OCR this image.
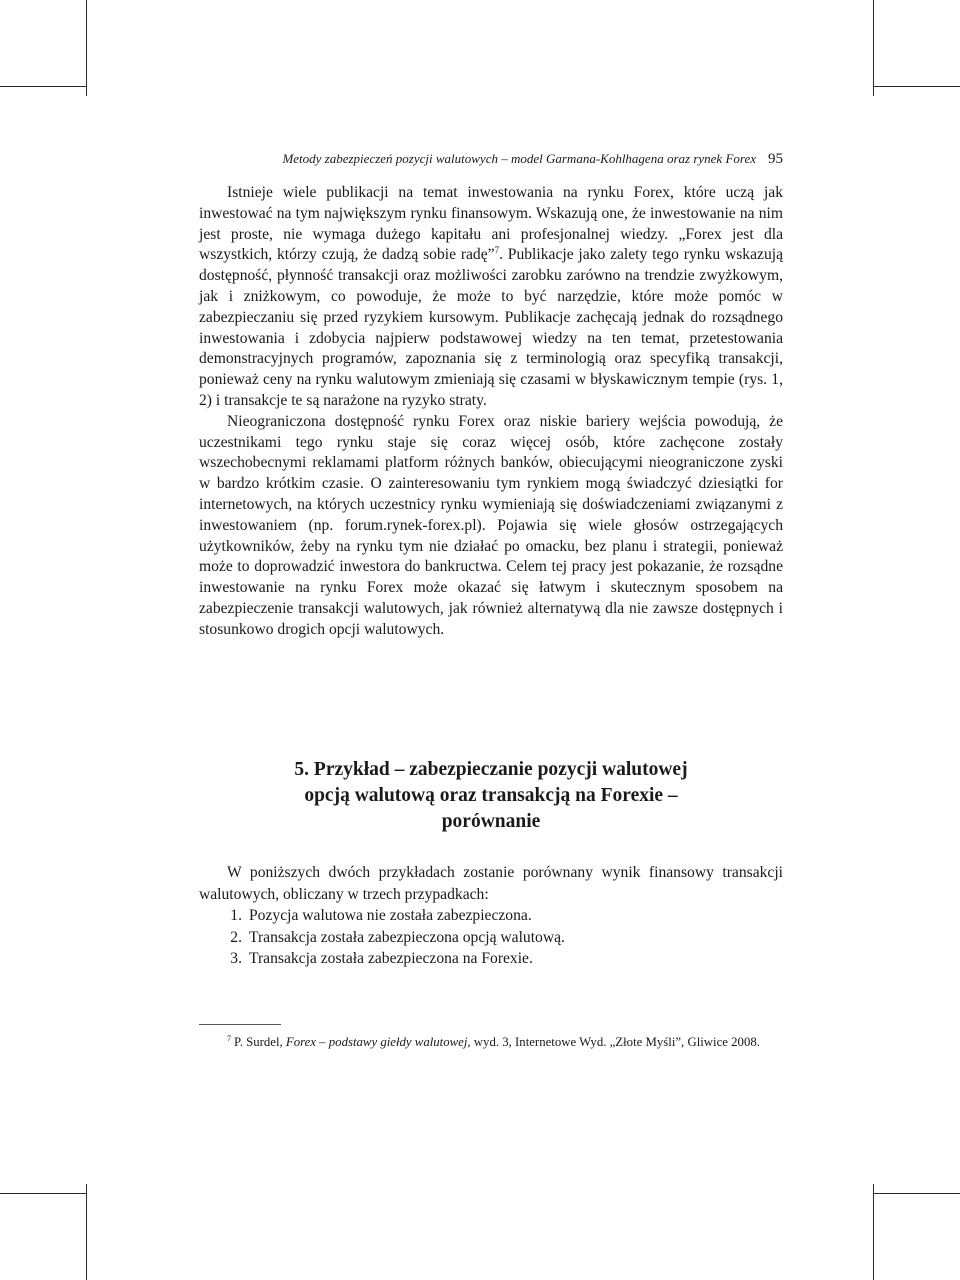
Metody zabezpieczeń pozycji walutowych – model Garmana-Kohlhagena oraz rynek Forex 95

Istnieje wiele publikacji na temat inwestowania na rynku Forex, które uczą jak inwestować na tym największym rynku finansowym. Wskazują one, że inwestowanie na nim jest proste, nie wymaga dużego kapitału ani profesjonalnej wiedzy. „Forex jest dla wszystkich, którzy czują, że dadzą sobie radę”$^7$. Publikacje jako zalety tego rynku wskazują dostępność, płynność transakcji oraz możliwości zarobku zarówno na trendzie zwyżkowym, jak i zniżkowym, co powoduje, że może to być narzędzie, które może pomóc w zabezpieczaniu się przed ryzykiem kursowym. Publikacje zachęcają jednak do rozsądnego inwestowania i zdobycia najpierw podstawowej wiedzy na ten temat, przetestowania demonstracyjnych programów, zapoznania się z terminologią oraz specyfiką transakcji, ponieważ ceny na rynku walutowym zmieniają się czasami w błyskawicznym tempie (rys. 1, 2) i transakcje te są narażone na ryzyko straty.

Nieograniczona dostępność rynku Forex oraz niskie bariery wejścia powodują, że uczestnikami tego rynku staje się coraz więcej osób, które zachęcone zostały wszechobecnymi reklamami platform różnych banków, obiecującymi nieograniczone zyski w bardzo krótkim czasie. O zainteresowaniu tym rynkiem mogą świadczyć dziesiątki for internetowych, na których uczestnicy rynku wymieniają się doświadczeniami związanymi z inwestowaniem (np. forum.rynek-forex.pl). Pojawia się wiele głosów ostrzegających użytkowników, żeby na rynku tym nie działać po omacku, bez planu i strategii, ponieważ może to doprowadzić inwestora do bankructwa. Celem tej pracy jest pokazanie, że rozsądne inwestowanie na rynku Forex może okazać się łatwym i skutecznym sposobem na zabezpieczenie transakcji walutowych, jak również alternatywą dla nie zawsze dostępnych i stosunkowo drogich opcji walutowych.

5. Przykład – zabezpieczanie pozycji walutowej
opcją walutową oraz transakcją na Forexie –
porównanie

W poniższych dwóch przykładach zostanie porównany wynik finansowy transakcji walutowych, obliczany w trzech przypadkach:

1. Pozycja walutowa nie została zabezpieczona.
2. Transakcja została zabezpieczona opcją walutową.
3. Transakcja została zabezpieczona na Forexie.

$^7$ P. Surdel, Forex – podstawy giełdy walutowej, wyd. 3, Internetowe Wyd. „Złote Myśli”, Gliwice 2008.
